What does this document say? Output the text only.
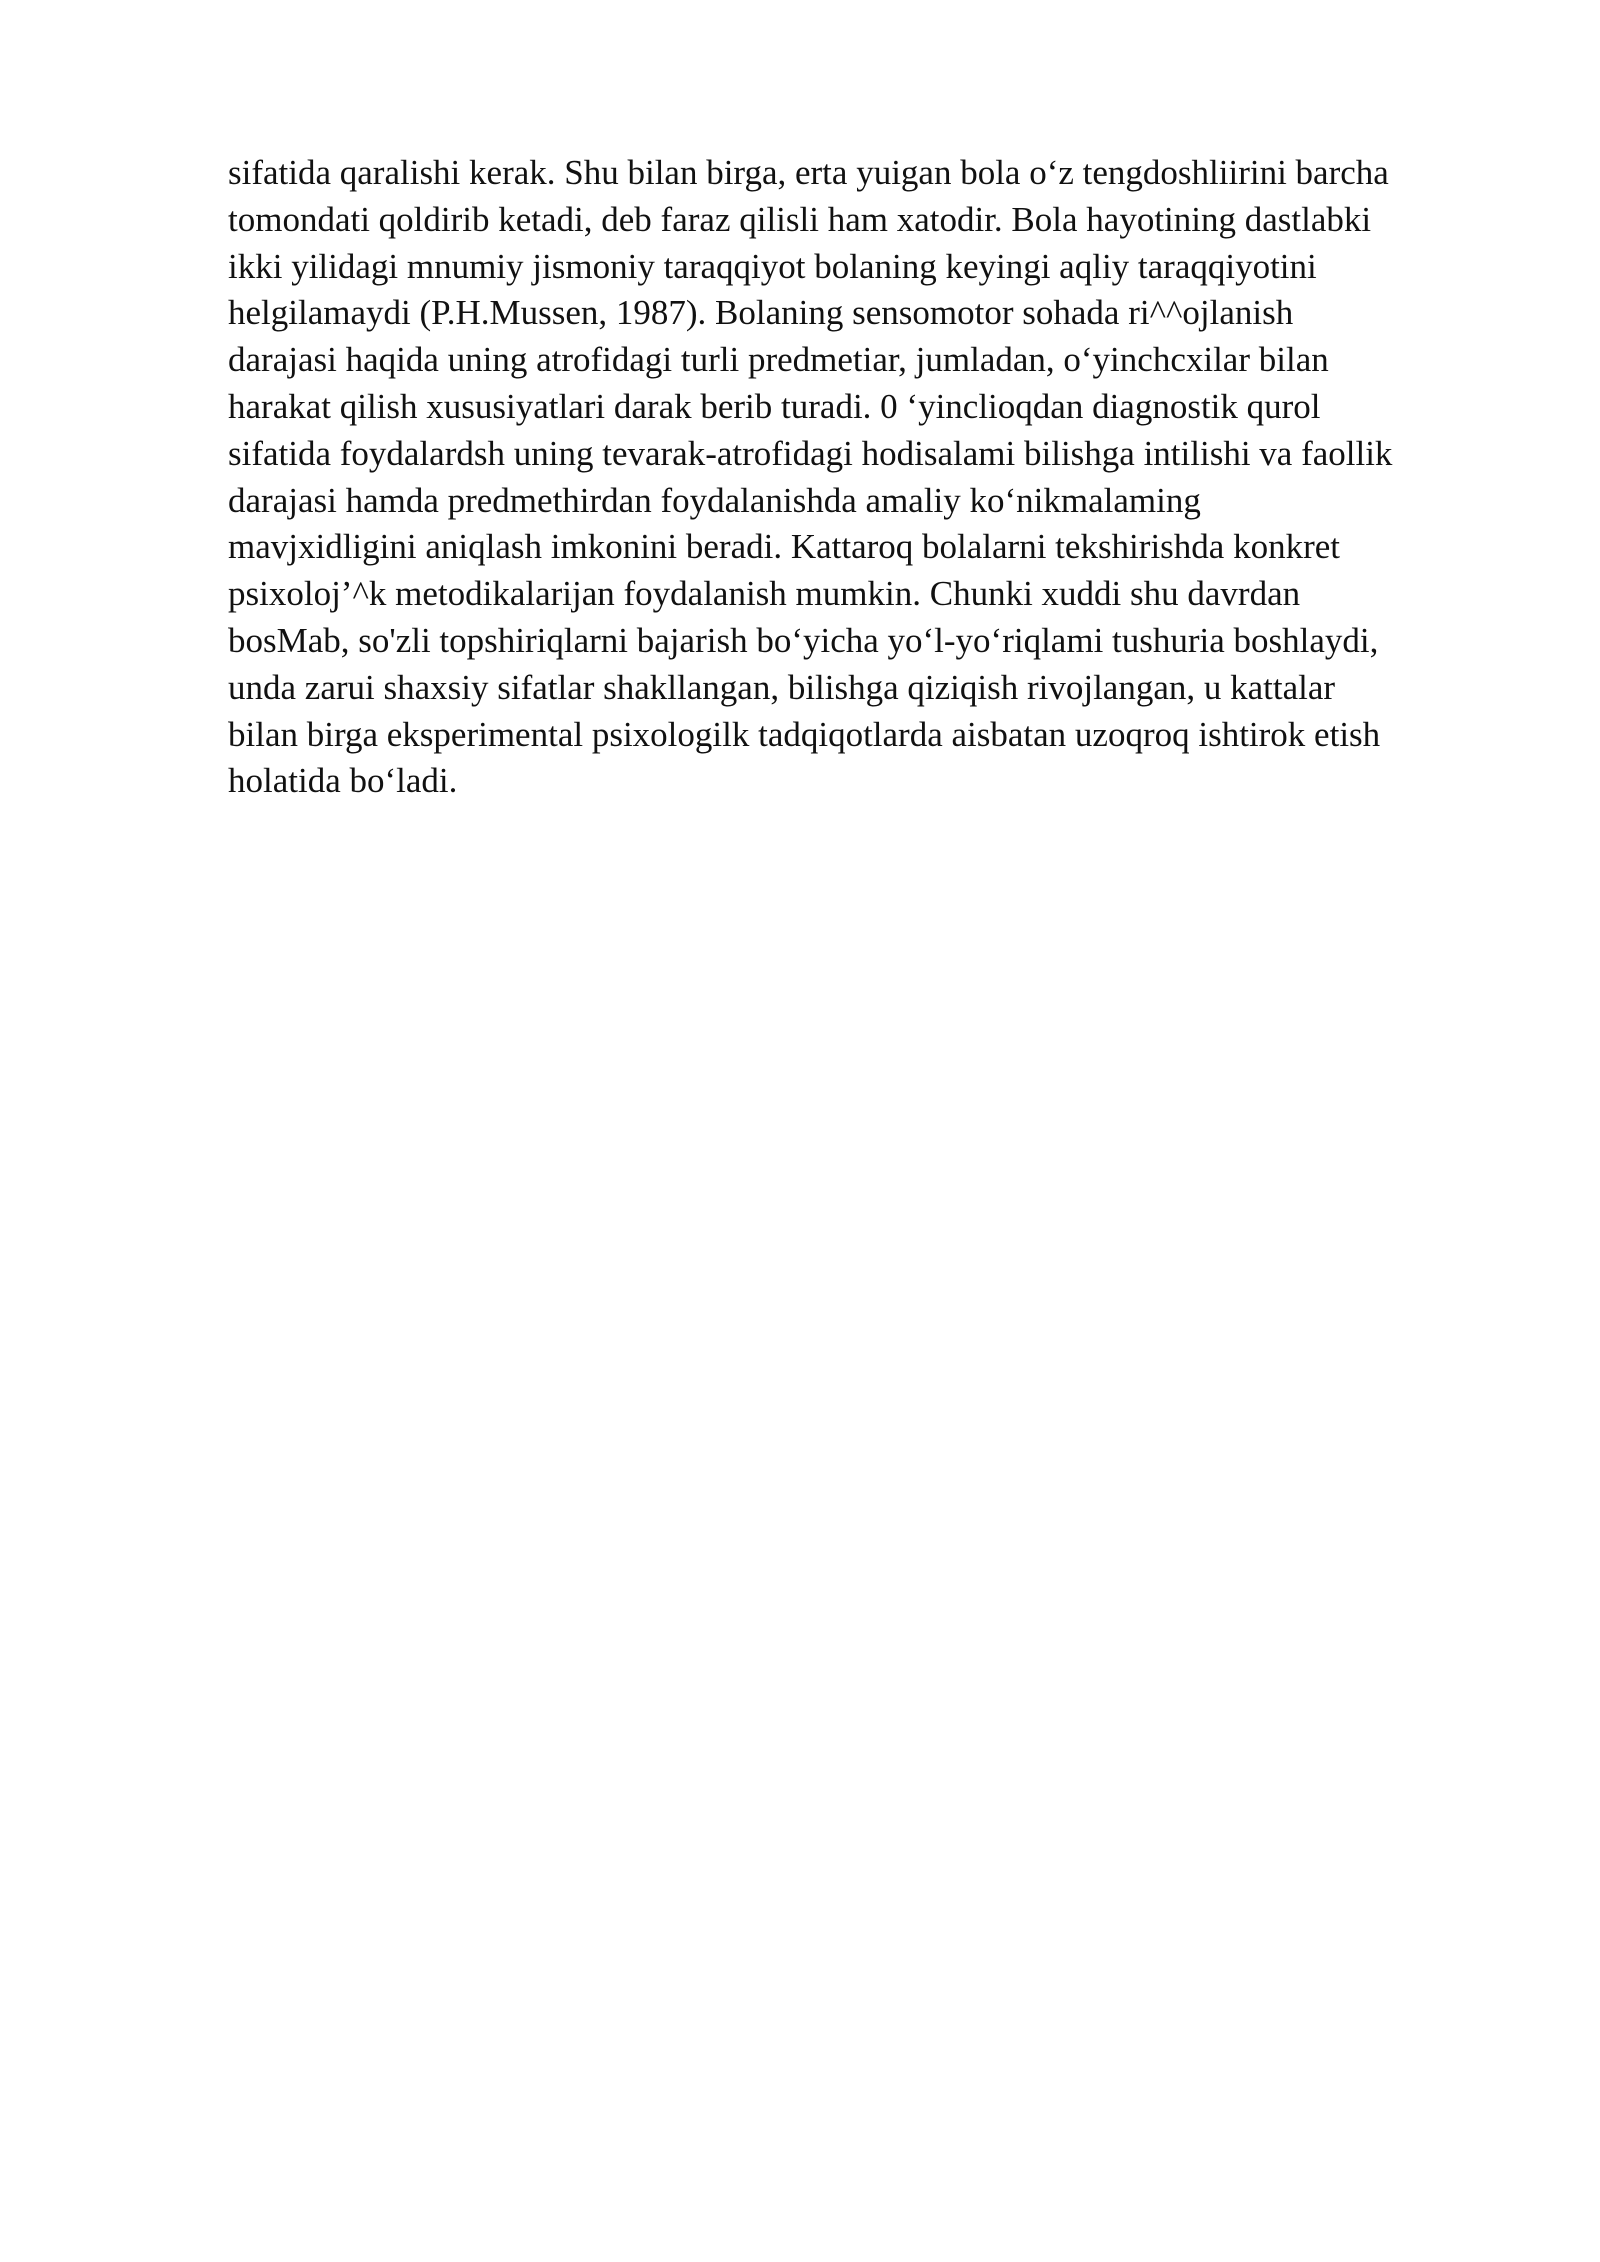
sifatida qaralishi kerak. Shu bilan birga, erta yuigan bola o‘z tengdoshliirini barcha
tomondati qoldirib ketadi, deb faraz qilisli ham xatodir. Bola hayotining dastlabki
ikki yilidagi mnumiy jismoniy taraqqiyot bolaning keyingi aqliy taraqqiyotini
helgilamaydi (P.H.Mussen, 1987). Bolaning sensomotor sohada ri^^ojlanish
darajasi haqida uning atrofidagi turli predmetiar, jumladan, o‘yinchcxilar bilan
harakat qilish xususiyatlari darak berib turadi. 0 ‘yinclioqdan diagnostik qurol
sifatida foydalardsh uning tevarak-atrofidagi hodisalami bilishga intilishi va faollik
darajasi hamda predmethirdan foydalanishda amaliy ko‘nikmalaming
mavjxidligini aniqlash imkonini beradi. Kattaroq bolalarni tekshirishda konkret
psixoloj’^k metodikalarijan foydalanish mumkin. Chunki xuddi shu davrdan
bosMab, so'zli topshiriqlarni bajarish bo‘yicha yo‘l-yo‘riqlami tushuria boshlaydi,
unda zarui shaxsiy sifatlar shakllangan, bilishga qiziqish rivojlangan, u kattalar
bilan birga eksperimental psixologilk tadqiqotlarda aisbatan uzoqroq ishtirok etish
holatida bo‘ladi.
